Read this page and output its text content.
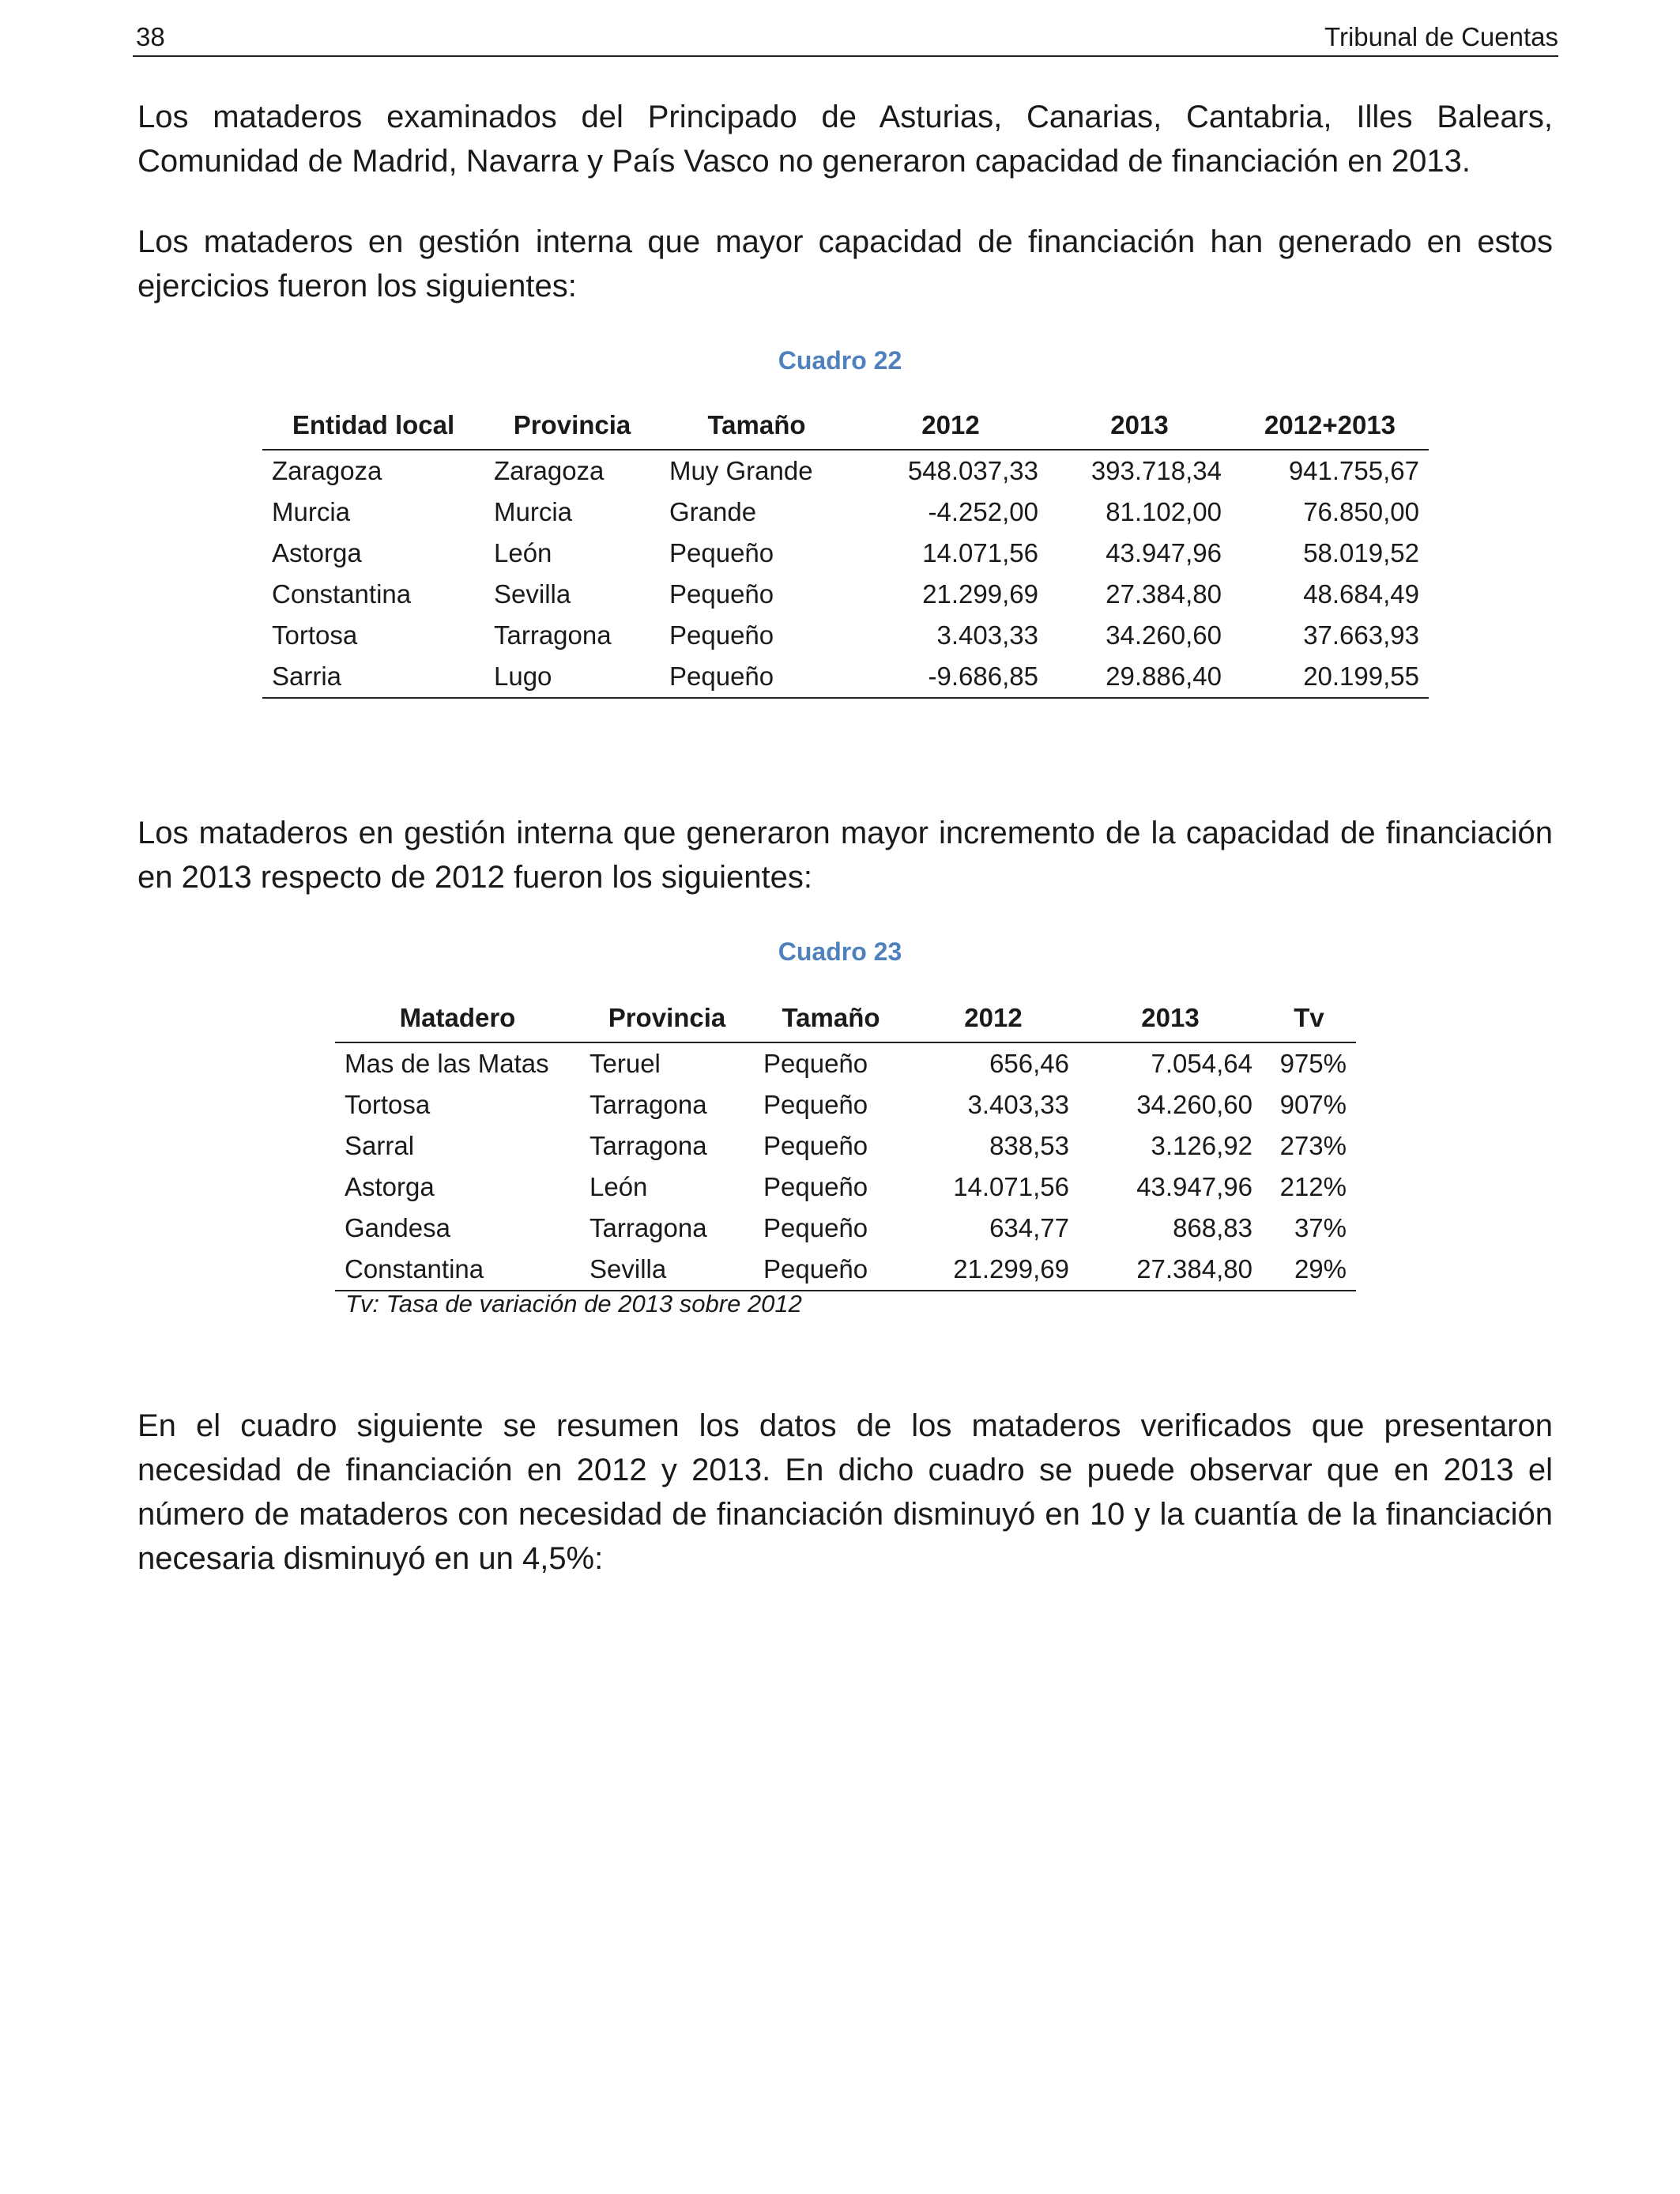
38	Tribunal de Cuentas

Los mataderos examinados del Principado de Asturias, Canarias, Cantabria, Illes Balears, Comunidad de Madrid, Navarra y País Vasco no generaron capacidad de financiación en 2013.

Los mataderos en gestión interna que mayor capacidad de financiación han generado en estos ejercicios fueron los siguientes:

Cuadro 22
Entidad local	Provincia	Tamaño	2012	2013	2012+2013
Zaragoza	Zaragoza	Muy Grande	548.037,33	393.718,34	941.755,67
Murcia	Murcia	Grande	-4.252,00	81.102,00	76.850,00
Astorga	León	Pequeño	14.071,56	43.947,96	58.019,52
Constantina	Sevilla	Pequeño	21.299,69	27.384,80	48.684,49
Tortosa	Tarragona	Pequeño	3.403,33	34.260,60	37.663,93
Sarria	Lugo	Pequeño	-9.686,85	29.886,40	20.199,55

Los mataderos en gestión interna que generaron mayor incremento de la capacidad de financiación en 2013 respecto de 2012 fueron los siguientes:

Cuadro 23
Matadero	Provincia	Tamaño	2012	2013	Tv
Mas de las Matas	Teruel	Pequeño	656,46	7.054,64	975%
Tortosa	Tarragona	Pequeño	3.403,33	34.260,60	907%
Sarral	Tarragona	Pequeño	838,53	3.126,92	273%
Astorga	León	Pequeño	14.071,56	43.947,96	212%
Gandesa	Tarragona	Pequeño	634,77	868,83	37%
Constantina	Sevilla	Pequeño	21.299,69	27.384,80	29%
Tv: Tasa de variación de 2013 sobre 2012

En el cuadro siguiente se resumen los datos de los mataderos verificados que presentaron necesidad de financiación en 2012 y 2013. En dicho cuadro se puede observar que en 2013 el número de mataderos con necesidad de financiación disminuyó en 10 y la cuantía de la financiación necesaria disminuyó en un 4,5%:
